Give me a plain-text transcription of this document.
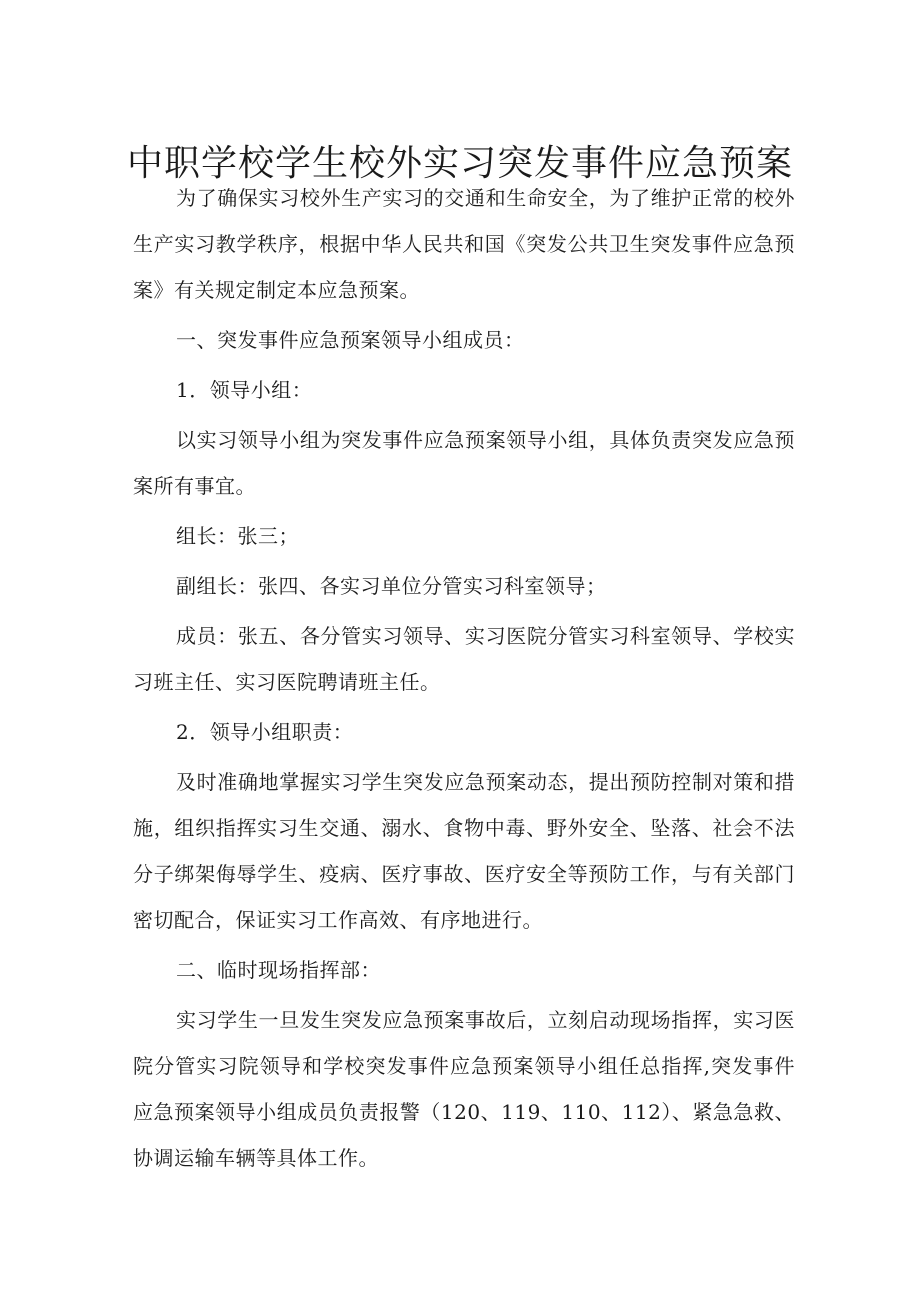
中职学校学生校外实习突发事件应急预案

为了确保实习校外生产实习的交通和生命安全，为了维护正常的校外生产实习教学秩序，根据中华人民共和国《突发公共卫生突发事件应急预案》有关规定制定本应急预案。

一、突发事件应急预案领导小组成员：

1．领导小组：

以实习领导小组为突发事件应急预案领导小组，具体负责突发应急预案所有事宜。

组长：张三；

副组长：张四、各实习单位分管实习科室领导；

成员：张五、各分管实习领导、实习医院分管实习科室领导、学校实习班主任、实习医院聘请班主任。

2．领导小组职责：

及时准确地掌握实习学生突发应急预案动态，提出预防控制对策和措施，组织指挥实习生交通、溺水、食物中毒、野外安全、坠落、社会不法分子绑架侮辱学生、疫病、医疗事故、医疗安全等预防工作，与有关部门密切配合，保证实习工作高效、有序地进行。

二、临时现场指挥部：

实习学生一旦发生突发应急预案事故后，立刻启动现场指挥，实习医院分管实习院领导和学校突发事件应急预案领导小组任总指挥,突发事件应急预案领导小组成员负责报警（120、119、110、112）、紧急急救、协调运输车辆等具体工作。
